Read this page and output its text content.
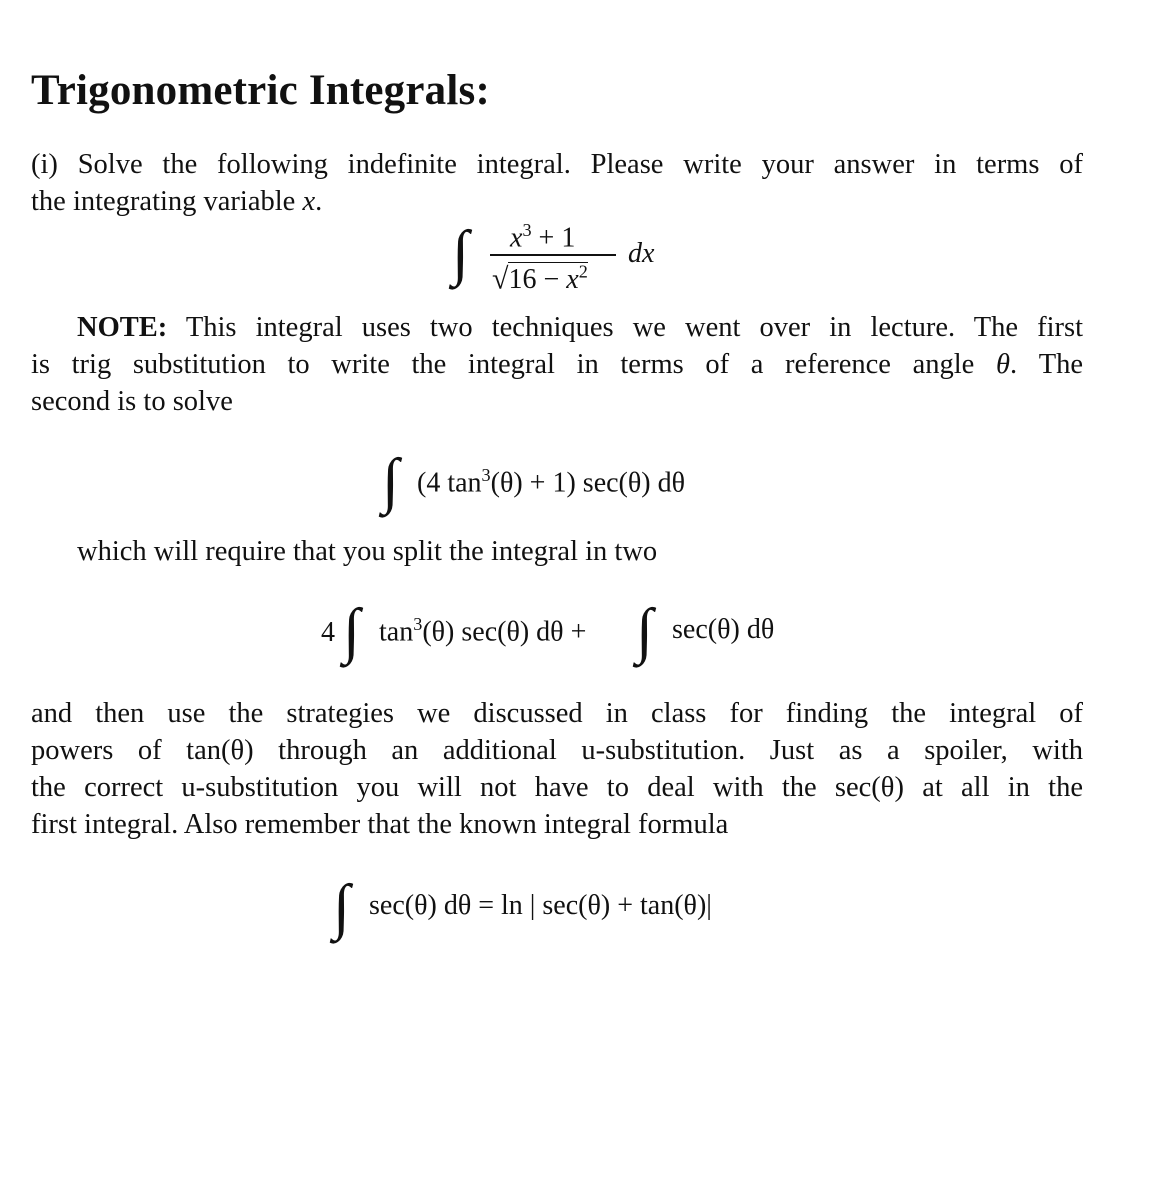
Trigonometric Integrals:
(i) Solve the following indefinite integral. Please write your answer in terms of
the integrating variable x.
∫ $x^3 + 1$
$√16 - x^2$
dx
NOTE: This integral uses two techniques we went over in lecture. The first
is trig substitution to write the integral in terms of a reference angle θ. The
second is to solve
∫ (4 $\tan^3(\theta) + 1$) sec(θ) dθ
which will require that you split the integral in two
4 ∫ $\tan^3(\theta)$ sec(θ) dθ + ∫ sec(θ) dθ
and then use the strategies we discussed in class for finding the integral of
powers of tan(θ) through an additional u-substitution. Just as a spoiler, with
the correct u-substitution you will not have to deal with the sec(θ) at all in the
first integral. Also remember that the known integral formula
∫ sec(θ) dθ = ln | sec(θ) + tan(θ)|
